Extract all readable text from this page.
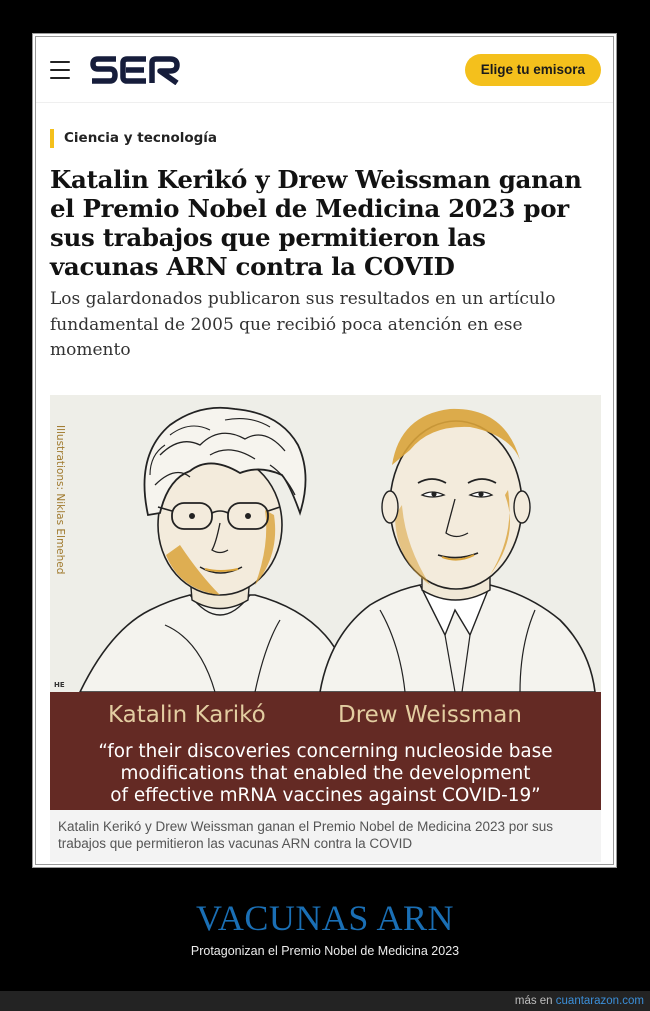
Elige tu emisora
Ciencia y tecnología
Katalin Kerikó y Drew Weissman ganan el Premio Nobel de Medicina 2023 por sus trabajos que permitieron las vacunas ARN contra la COVID

Los galardonados publicaron sus resultados en un artículo fundamental de 2005 que recibió poca atención en ese momento

Illustrations: Niklas Elmehed
HE
Katalin Karikó	Drew Weissman
“for their discoveries concerning nucleoside base
modifications that enabled the development
of effective mRNA vaccines against COVID-19”
Katalin Kerikó y Drew Weissman ganan el Premio Nobel de Medicina 2023 por sus trabajos que permitieron las vacunas ARN contra la COVID
VACUNAS ARN
Protagonizan el Premio Nobel de Medicina 2023
más en cuantarazon.com
